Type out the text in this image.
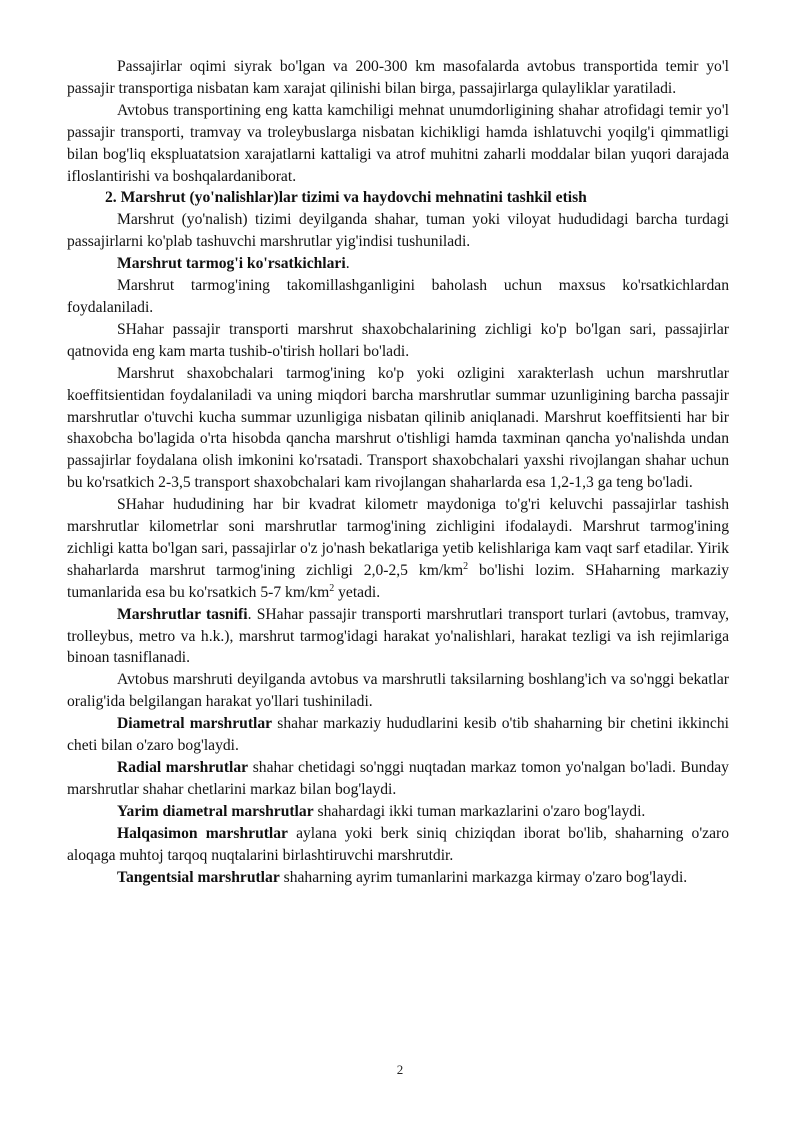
Passajirlar oqimi siyrak bo'lgan va 200-300 km masofalarda avtobus transportida temir yo'l passajir transportiga nisbatan kam xarajat qilinishi bilan birga, passajirlarga qulayliklar yaratiladi.

Avtobus transportining eng katta kamchiligi mehnat unumdorligining shahar atrofidagi temir yo'l passajir transporti, tramvay va troleybuslarga nisbatan kichikligi hamda ishlatuvchi yoqilg'i qimmatligi bilan bog'liq ekspluatatsion xarajatlarni kattaligi va atrof muhitni zaharli moddalar bilan yuqori darajada ifloslantirishi va boshqalardaniborat.

2. Marshrut (yo'nalishlar)lar tizimi va haydovchi mehnatini tashkil etish

Marshrut (yo'nalish) tizimi deyilganda shahar, tuman yoki viloyat hududidagi barcha turdagi passajirlarni ko'plab tashuvchi marshrutlar yig'indisi tushuniladi.

Marshrut tarmog'i ko'rsatkichlari.

Marshrut tarmog'ining takomillashganligini baholash uchun maxsus ko'rsatkichlardan foydalaniladi.

SHahar passajir transporti marshrut shaxobchalarining zichligi ko'p bo'lgan sari, passajirlar qatnovida eng kam marta tushib-o'tirish hollari bo'ladi.

Marshrut shaxobchalari tarmog'ining ko'p yoki ozligini xarakterlash uchun marshrutlar koeffitsientidan foydalaniladi va uning miqdori barcha marshrutlar summar uzunligining barcha passajir marshrutlar o'tuvchi kucha summar uzunligiga nisbatan qilinib aniqlanadi. Marshrut koeffitsienti har bir shaxobcha bo'lagida o'rta hisobda qancha marshrut o'tishligi hamda taxminan qancha yo'nalishda undan passajirlar foydalana olish imkonini ko'rsatadi. Transport shaxobchalari yaxshi rivojlangan shahar uchun bu ko'rsatkich 2-3,5 transport shaxobchalari kam rivojlangan shaharlarda esa 1,2-1,3 ga teng bo'ladi.

SHahar hududining har bir kvadrat kilometr maydoniga to'g'ri keluvchi passajirlar tashish marshrutlar kilometrlar soni marshrutlar tarmog'ining zichligini ifodalaydi. Marshrut tarmog'ining zichligi katta bo'lgan sari, passajirlar o'z jo'nash bekatlariga yetib kelishlariga kam vaqt sarf etadilar. Yirik shaharlarda marshrut tarmog'ining zichligi 2,0-2,5 $km/km^2$ bo'lishi lozim. SHaharning markaziy tumanlarida esa bu ko'rsatkich 5-7 $km/km^2$ yetadi.

Marshrutlar tasnifi. SHahar passajir transporti marshrutlari transport turlari (avtobus, tramvay, trolleybus, metro va h.k.), marshrut tarmog'idagi harakat yo'nalishlari, harakat tezligi va ish rejimlariga binoan tasniflanadi.

Avtobus marshruti deyilganda avtobus va marshrutli taksilarning boshlang'ich va so'nggi bekatlar oralig'ida belgilangan harakat yo'llari tushiniladi.

Diametral marshrutlar shahar markaziy hududlarini kesib o'tib shaharning bir chetini ikkinchi cheti bilan o'zaro bog'laydi.

Radial marshrutlar shahar chetidagi so'nggi nuqtadan markaz tomon yo'nalgan bo'ladi. Bunday marshrutlar shahar chetlarini markaz bilan bog'laydi.

Yarim diametral marshrutlar shahardagi ikki tuman markazlarini o'zaro bog'laydi.

Halqasimon marshrutlar aylana yoki berk siniq chiziqdan iborat bo'lib, shaharning o'zaro aloqaga muhtoj tarqoq nuqtalarini birlashtiruvchi marshrutdir.

Tangentsial marshrutlar shaharning ayrim tumanlarini markazga kirmay o'zaro bog'laydi.

2
